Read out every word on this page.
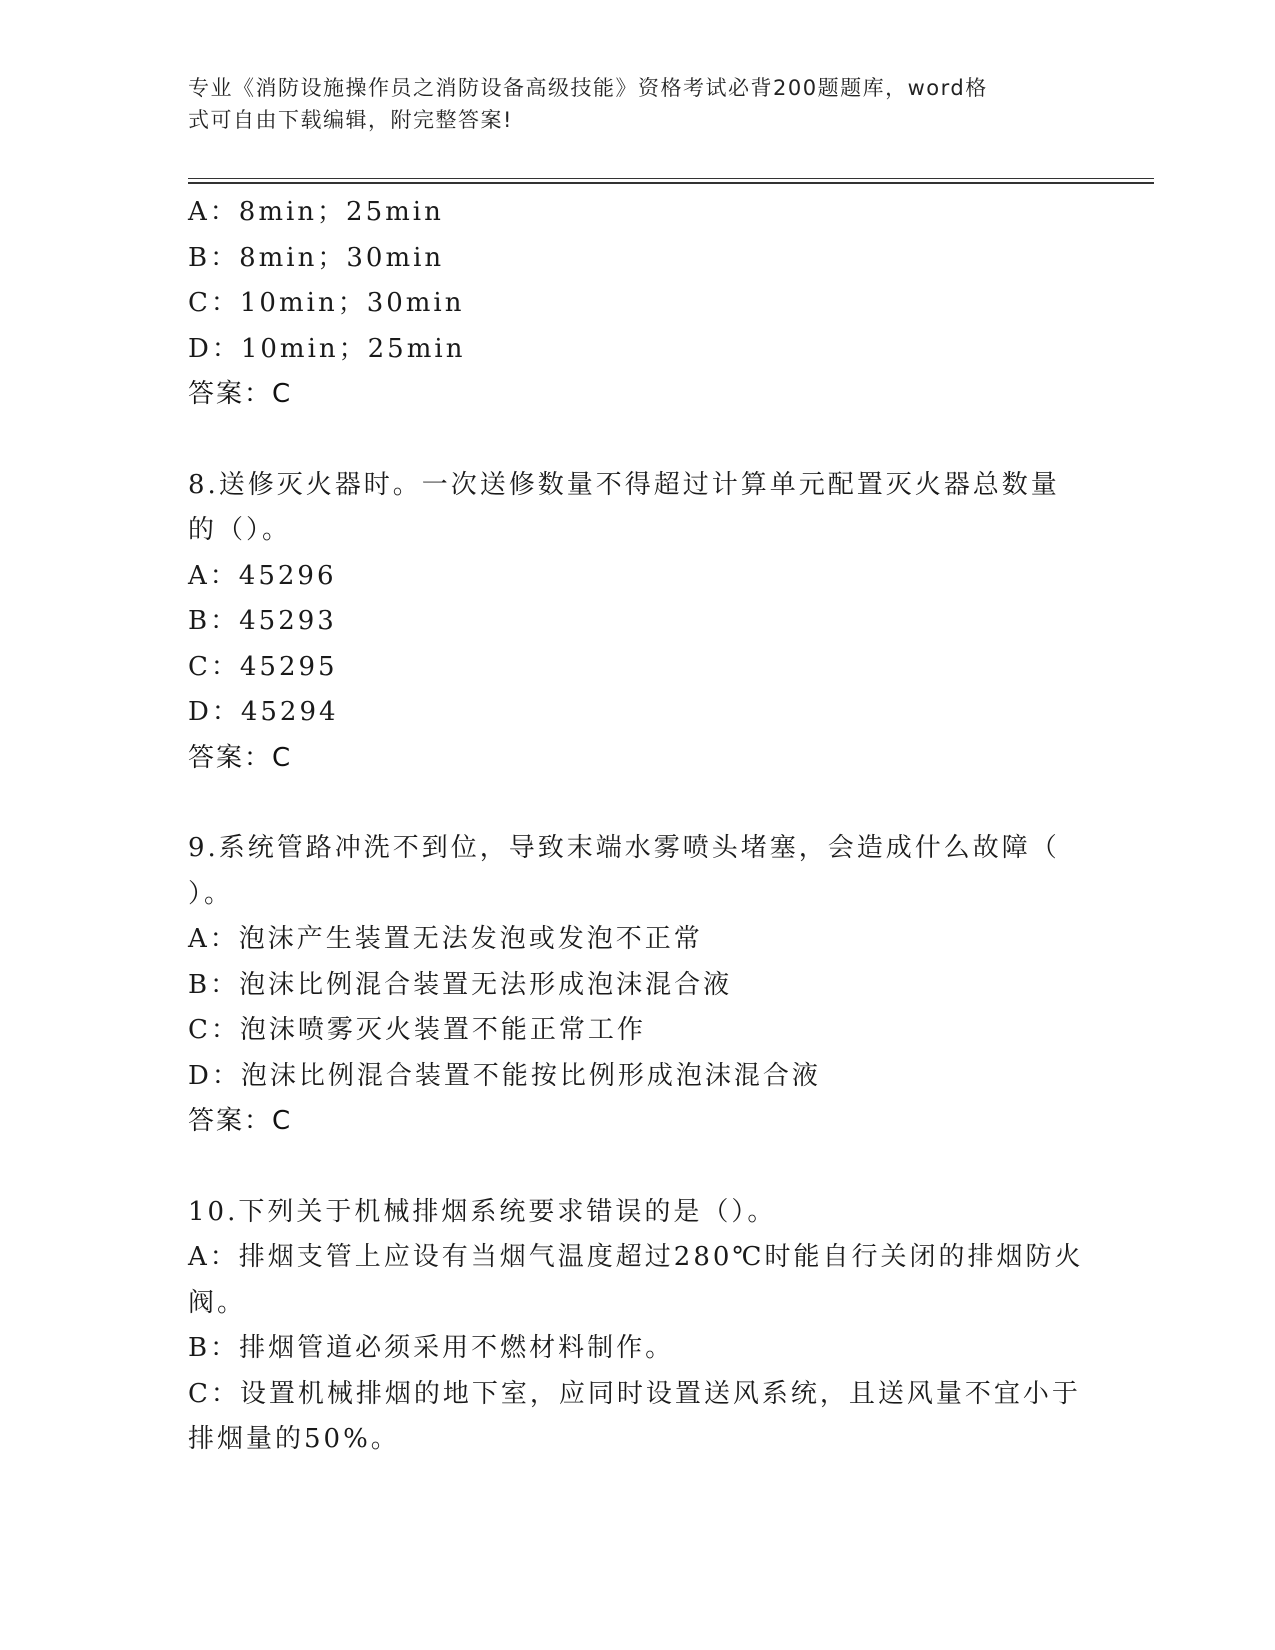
专业《消防设施操作员之消防设备高级技能》资格考试必背200题题库，word格
式可自由下载编辑，附完整答案!
A：8min；25min
B：8min；30min
C：10min；30min
D：10min；25min
答案：C
8.送修灭火器时。一次送修数量不得超过计算单元配置灭火器总数量
的（）。
A：45296
B：45293
C：45295
D：45294
答案：C
9.系统管路冲洗不到位，导致末端水雾喷头堵塞，会造成什么故障（
）。
A：泡沫产生装置无法发泡或发泡不正常
B：泡沫比例混合装置无法形成泡沫混合液
C：泡沫喷雾灭火装置不能正常工作
D：泡沫比例混合装置不能按比例形成泡沫混合液
答案：C
10.下列关于机械排烟系统要求错误的是（）。
A：排烟支管上应设有当烟气温度超过280℃时能自行关闭的排烟防火
阀。
B：排烟管道必须采用不燃材料制作。
C：设置机械排烟的地下室，应同时设置送风系统，且送风量不宜小于
排烟量的50%。
